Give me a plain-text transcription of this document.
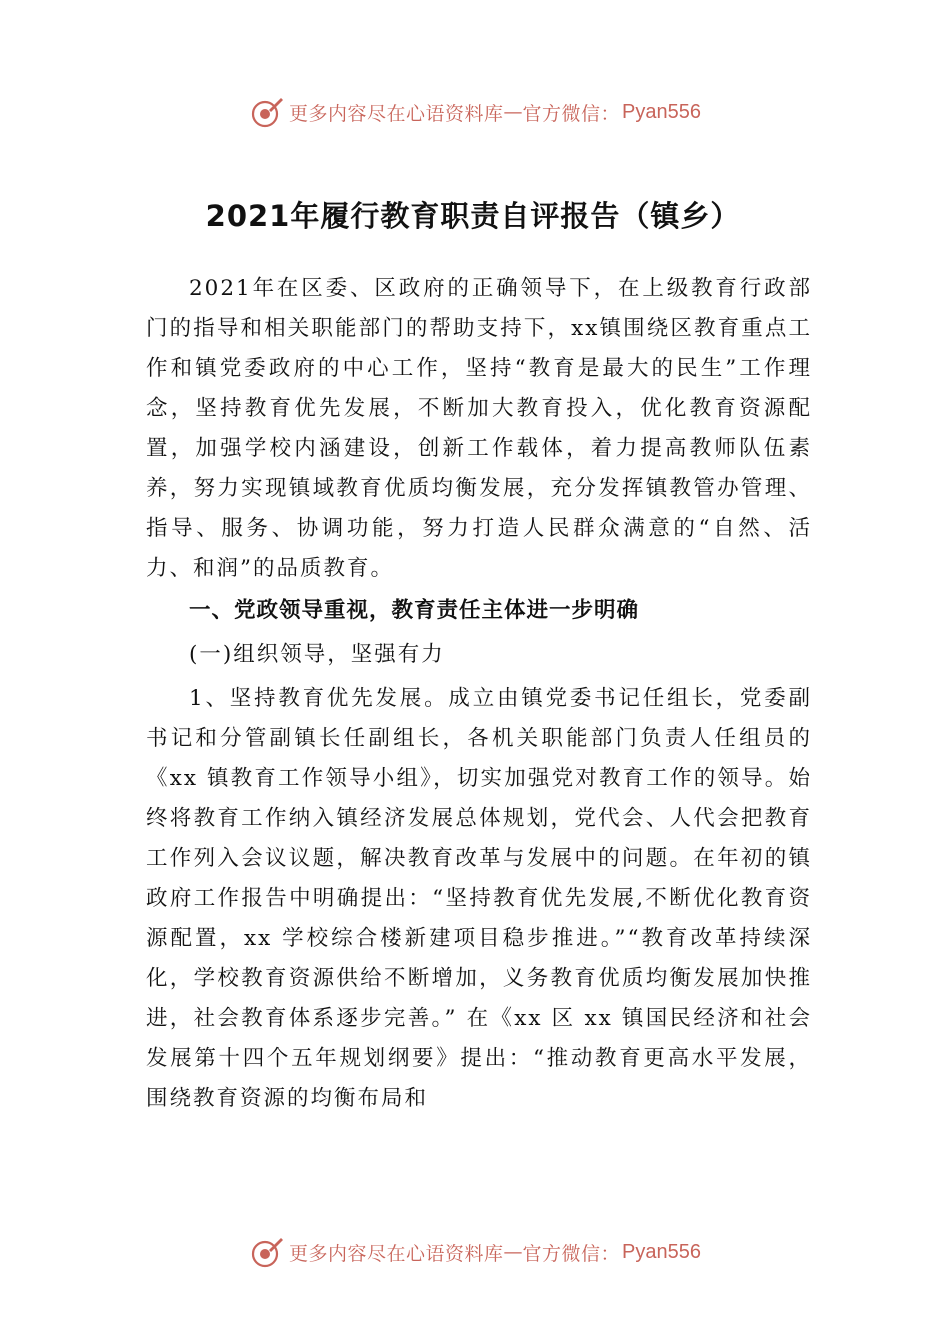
更多内容尽在心语资料库 — 官方微信： Pyan556
2021年履行教育职责自评报告（镇乡）

2021年在区委、区政府的正确领导下，在上级教育行政部门的指导和相关职能部门的帮助支持下，xx镇围绕区教育重点工作和镇党委政府的中心工作，坚持“教育是最大的民生”工作理念，坚持教育优先发展，不断加大教育投入，优化教育资源配置，加强学校内涵建设，创新工作载体，着力提高教师队伍素养，努力实现镇域教育优质均衡发展，充分发挥镇教管办管理、指导、服务、协调功能，努力打造人民群众满意的“自然、活力、和润”的品质教育。

一、党政领导重视，教育责任主体进一步明确
(一)组织领导，坚强有力

1、坚持教育优先发展。成立由镇党委书记任组长，党委副书记和分管副镇长任副组长，各机关职能部门负责人任组员的《xx 镇教育工作领导小组》，切实加强党对教育工作的领导。始终将教育工作纳入镇经济发展总体规划，党代会、人代会把教育工作列入会议议题，解决教育改革与发展中的问题。在年初的镇政府工作报告中明确提出：“坚持教育优先发展,不断优化教育资源配置，xx 学校综合楼新建项目稳步推进。”“教育改革持续深化，学校教育资源供给不断增加，义务教育优质均衡发展加快推进，社会教育体系逐步完善。” 在《xx 区 xx 镇国民经济和社会发展第十四个五年规划纲要》提出：“推动教育更高水平发展，围绕教育资源的均衡布局和

更多内容尽在心语资料库 — 官方微信： Pyan556
